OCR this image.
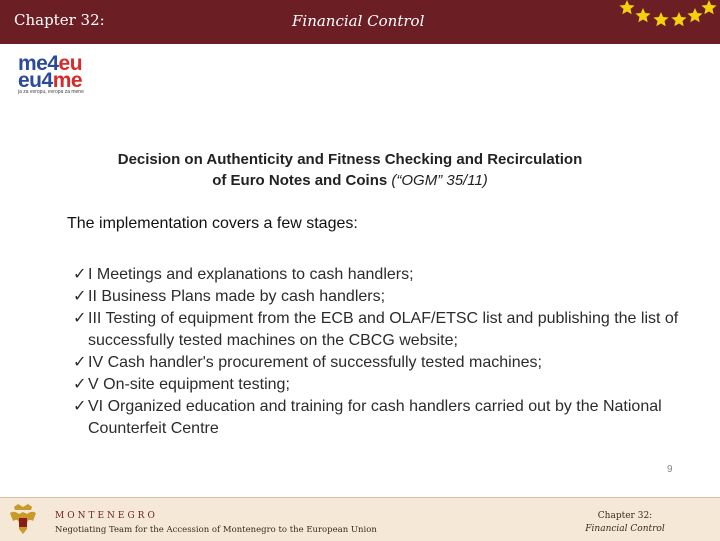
Chapter 32:	Financial Control
me4eu
eu4me
ja za evropu, evropa za mene
Decision on Authenticity and Fitness Checking and Recirculation
of Euro Notes and Coins (“OGM” 35/11)
The implementation covers a few stages:
✓ I Meetings and explanations to cash handlers;
✓ II Business Plans made by cash handlers;
✓ III Testing of equipment from the ECB and OLAF/ETSC list and publishing the list of successfully tested machines on the CBCG website;
✓ IV Cash handler's procurement of successfully tested machines;
✓ V On-site equipment testing;
✓ VI Organized education and training for cash handlers carried out by the National Counterfeit Centre
9
MONTENEGRO
Negotiating Team for the Accession of Montenegro to the European Union
Chapter 32:
Financial Control
